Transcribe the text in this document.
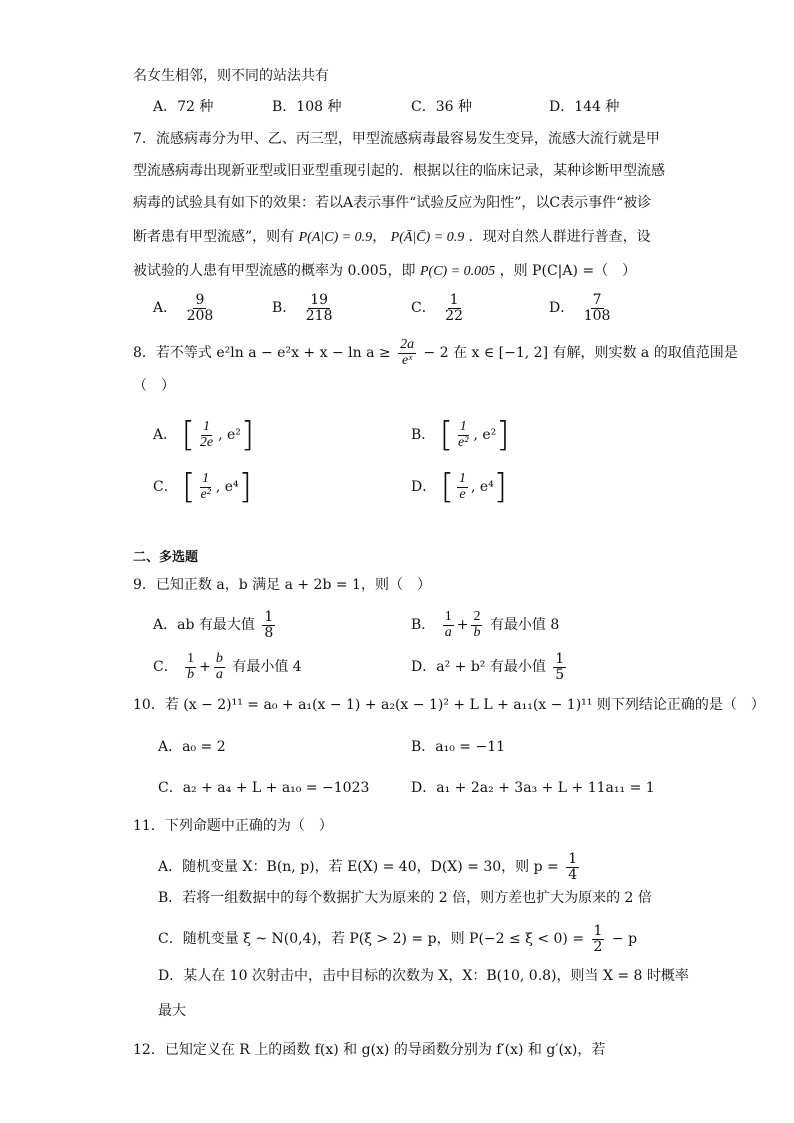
名女生相邻，则不同的站法共有
A．72 种	B．108 种	C．36 种	D．144 种
7．流感病毒分为甲、乙、丙三型，甲型流感病毒最容易发生变异，流感大流行就是甲
型流感病毒出现新亚型或旧亚型重现引起的．根据以往的临床记录，某种诊断甲型流感
病毒的试验具有如下的效果：若以A表示事件“试验反应为阳性”，以C表示事件“被诊
断者患有甲型流感”，则有 P(A|C) = 0.9， P(Ā|C̄) = 0.9 ．现对自然人群进行普查，设
被试验的人患有甲型流感的概率为 0.005，即 P(C) = 0.005 ，则 P(C|A) =（　）
A． $\frac{9}{208}$	B． $\frac{19}{218}$	C． $\frac{1}{22}$	D． $\frac{7}{108}$
8．若不等式 e²ln $a - e^2x + x - \ln a \ge \frac{2a}{\text{eˣ}} - 2$ 在 x ∈ [−1, 2] 有解，则实数 a 的取值范围是
（　）
A． [ $\frac{1}{2e}$ , e² ]	B． [ $\frac{1}{\text{e²}}$ , e² ]
C． [ $\frac{1}{\text{e²}}$ , e⁴ ]	D． [ $\frac{1}{e}$ , e⁴ ]
二、多选题
9．已知正数 a，b 满足 a + 2b = 1，则（　）
A．ab 有最大值 $\frac{1}{8}$	B． $\frac{1}{a} + \frac{2}{b}$ 有最小值 8
C． $\frac{1}{b} + \frac{b}{a}$ 有最小值 4	D．a² + b² 有最小值 $\frac{1}{5}$
10．若 (x − 2)¹¹ = a₀ + a₁(x − 1) + a₂(x − 1)² + L L + a₁₁(x − 1)¹¹ 则下列结论正确的是（　）
A．a₀ = 2	B．a₁₀ = −11
C．a₂ + a₄ + L + a₁₀ = −1023	D．a₁ + 2a₂ + 3a₃ + L + 11a₁₁ = 1
11．下列命题中正确的为（　）
A．随机变量 X：B(n, p)，若 E(X) = 40，D(X) = 30，则 $p = \frac{1}{4}$
B．若将一组数据中的每个数据扩大为原来的 2 倍，则方差也扩大为原来的 2 倍
C．随机变量 ξ ~ N(0,4)，若 P(ξ > 2) = p，则 $P(-2 \le \xi < 0) = \frac{1}{2} - p$
D．某人在 10 次射击中，击中目标的次数为 X，X：B(10, 0.8)，则当 X = 8 时概率
最大
12．已知定义在 R 上的函数 f(x) 和 g(x) 的导函数分别为 f′(x) 和 g′(x)，若
